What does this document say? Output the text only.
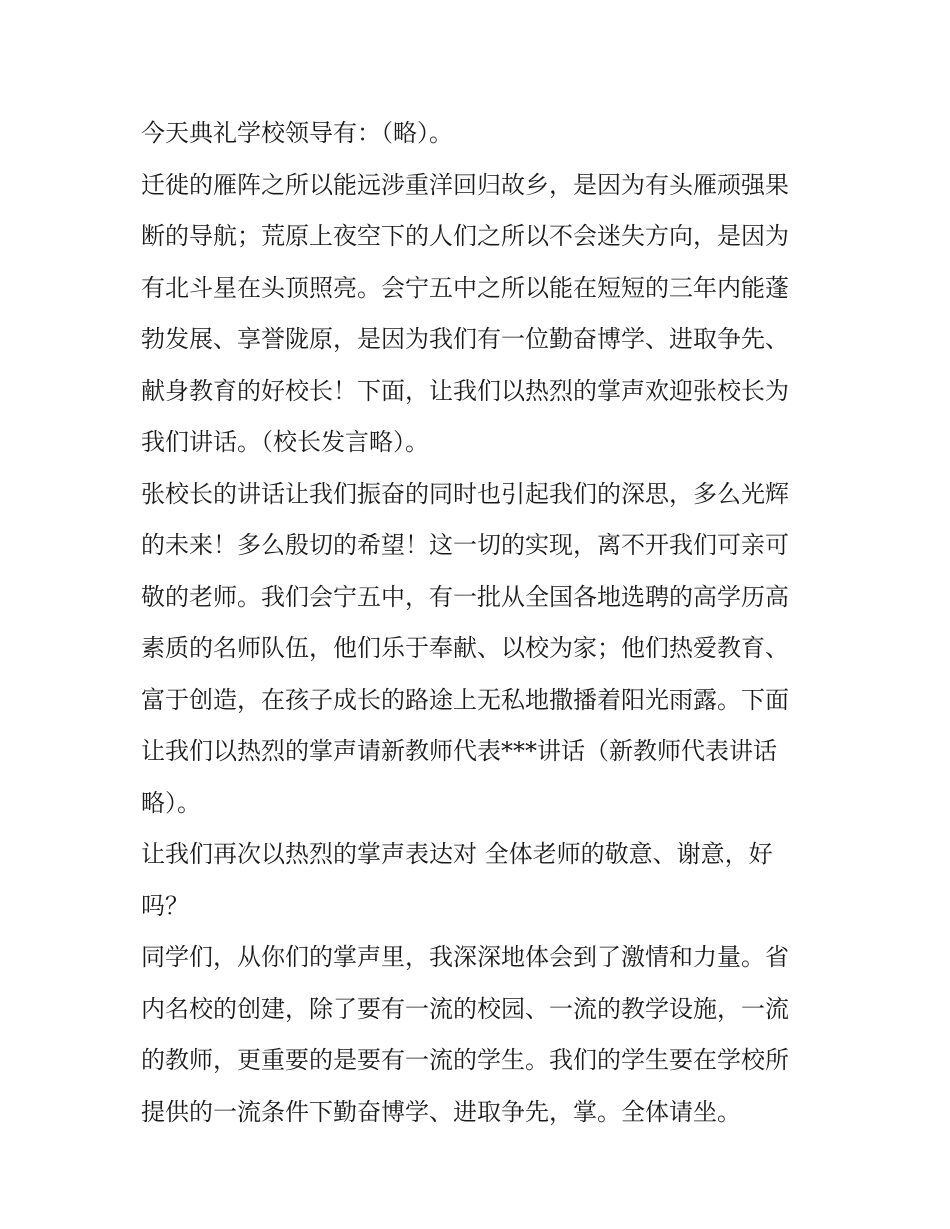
今天典礼学校领导有：（略）。

迁徙的雁阵之所以能远涉重洋回归故乡，是因为有头雁顽强果
断的导航；荒原上夜空下的人们之所以不会迷失方向，是因为
有北斗星在头顶照亮。会宁五中之所以能在短短的三年内能蓬
勃发展、享誉陇原，是因为我们有一位勤奋博学、进取争先、
献身教育的好校长！下面，让我们以热烈的掌声欢迎张校长为
我们讲话。（校长发言略）。

张校长的讲话让我们振奋的同时也引起我们的深思，多么光辉
的未来！多么殷切的希望！这一切的实现，离不开我们可亲可
敬的老师。我们会宁五中，有一批从全国各地选聘的高学历高
素质的名师队伍，他们乐于奉献、以校为家；他们热爱教育、
富于创造，在孩子成长的路途上无私地撒播着阳光雨露。下面
让我们以热烈的掌声请新教师代表***讲话（新教师代表讲话
略）。

让我们再次以热烈的掌声表达对 全体老师的敬意、谢意，好
吗？

同学们，从你们的掌声里，我深深地体会到了激情和力量。省
内名校的创建，除了要有一流的校园、一流的教学设施，一流
的教师，更重要的是要有一流的学生。我们的学生要在学校所
提供的一流条件下勤奋博学、进取争先，掌。全体请坐。
